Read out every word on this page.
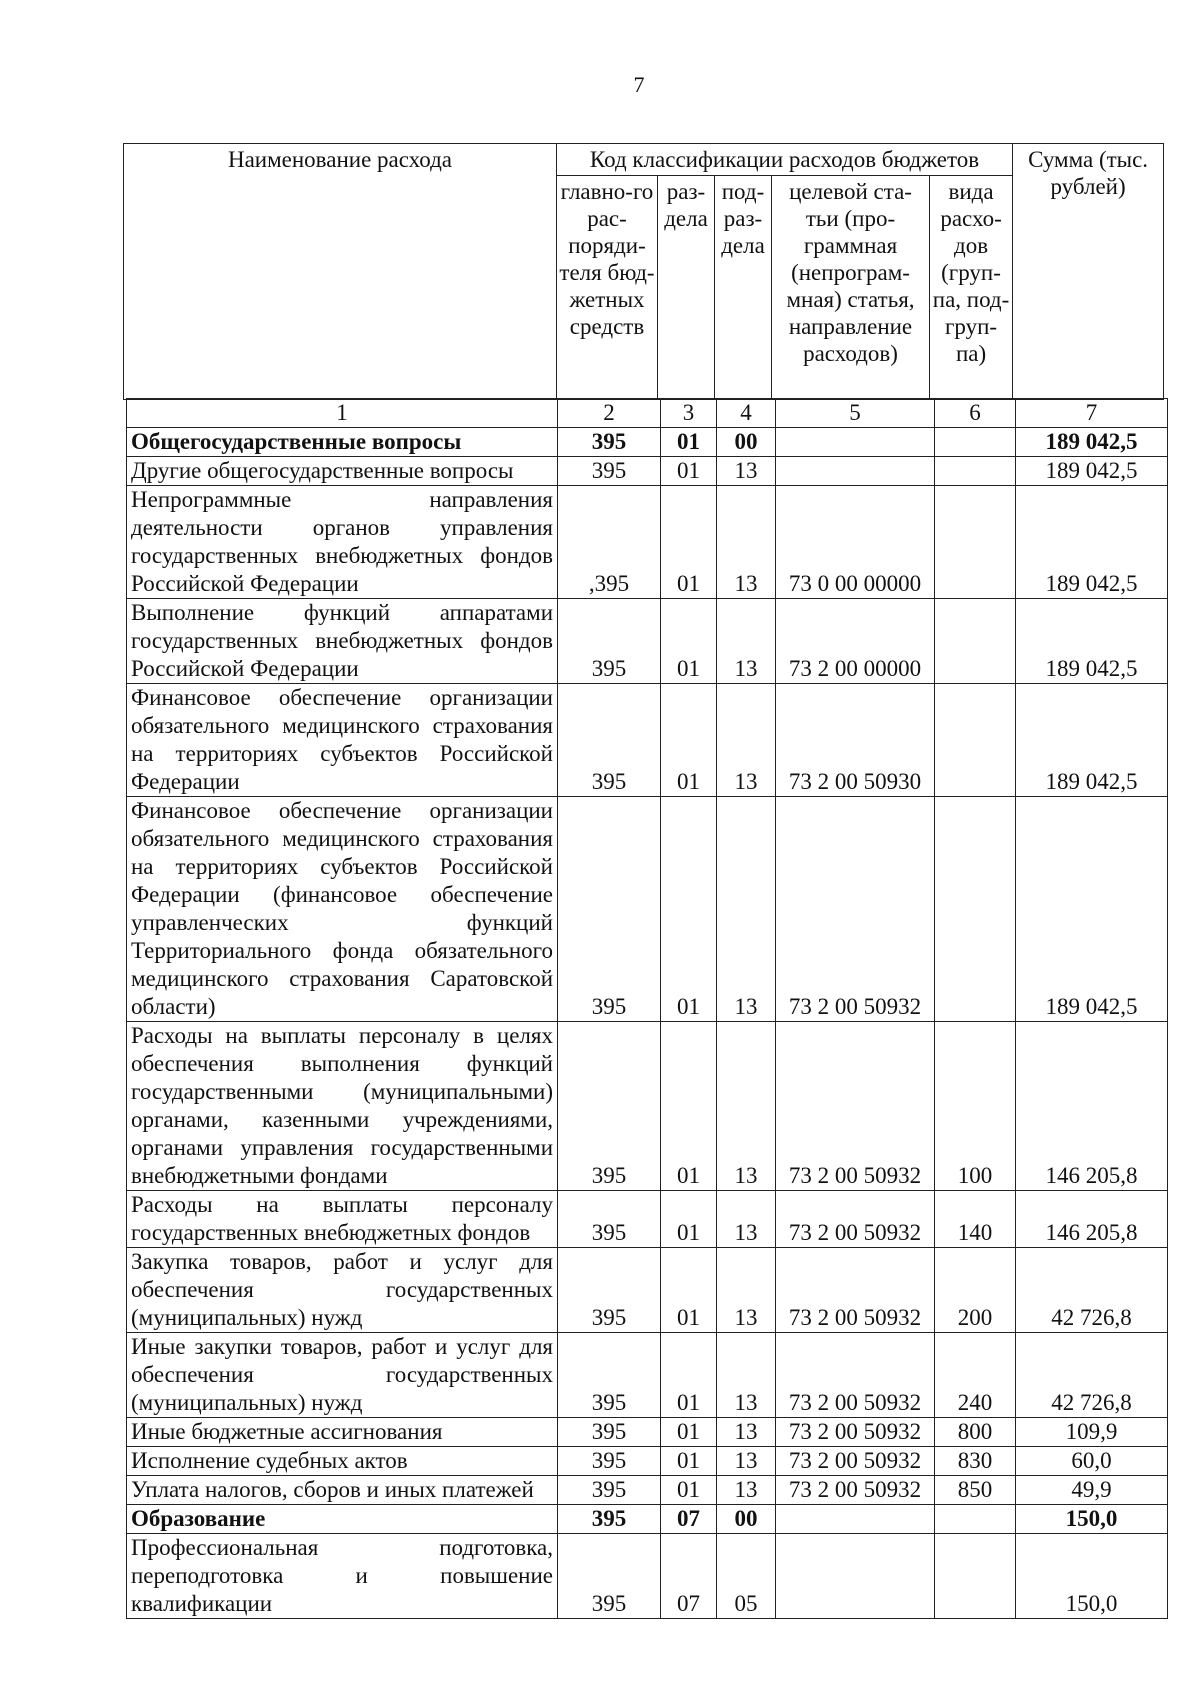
7
Наименование расхода	Код классификации расходов бюджетов					Сумма (тыс. рублей)
	главно-го рас-поряди-теля бюд-жетных средств	раз-дела	под-раз-дела	целевой ста-тьи (про-граммная (непрограм-мная) статья, направление расходов)	вида расхо-дов (груп-па, под-груп-па)	
1	2	3	4	5	6	7
Общегосударственные вопросы	395	01	00			189 042,5
Другие общегосударственные вопросы	395	01	13			189 042,5
Непрограммные направления деятельности органов управления государственных внебюджетных фондов Российской Федерации	,395	01	13	73 0 00 00000		189 042,5
Выполнение функций аппаратами государственных внебюджетных фондов Российской Федерации	395	01	13	73 2 00 00000		189 042,5
Финансовое обеспечение организации обязательного медицинского страхования на территориях субъектов Российской Федерации	395	01	13	73 2 00 50930		189 042,5
Финансовое обеспечение организации обязательного медицинского страхования на территориях субъектов Российской Федерации (финансовое обеспечение управленческих функций Территориального фонда обязательного медицинского страхования Саратовской области)	395	01	13	73 2 00 50932		189 042,5
Расходы на выплаты персоналу в целях обеспечения выполнения функций государственными (муниципальными) органами, казенными учреждениями, органами управления государственными внебюджетными фондами	395	01	13	73 2 00 50932	100	146 205,8
Расходы на выплаты персоналу государственных внебюджетных фондов	395	01	13	73 2 00 50932	140	146 205,8
Закупка товаров, работ и услуг для обеспечения государственных (муниципальных) нужд	395	01	13	73 2 00 50932	200	42 726,8
Иные закупки товаров, работ и услуг для обеспечения государственных (муниципальных) нужд	395	01	13	73 2 00 50932	240	42 726,8
Иные бюджетные ассигнования	395	01	13	73 2 00 50932	800	109,9
Исполнение судебных актов	395	01	13	73 2 00 50932	830	60,0
Уплата налогов, сборов и иных платежей	395	01	13	73 2 00 50932	850	49,9
Образование	395	07	00			150,0
Профессиональная подготовка, переподготовка и повышение квалификации	395	07	05			150,0
